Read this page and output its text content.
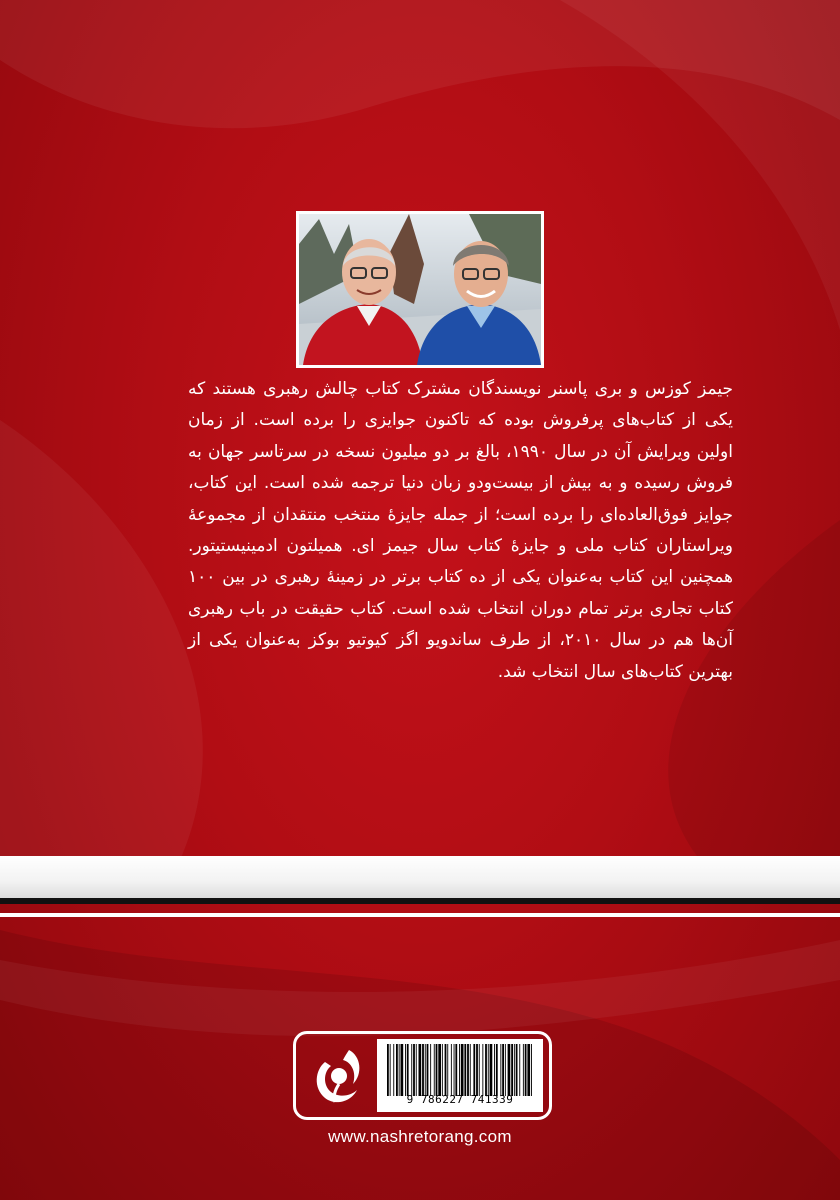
جیمز کوزس و بری پاسنر نویسندگان مشترک کتاب چالش رهبری هستند که یکی از کتاب‌های پرفروش بوده که تاکنون جوایزی را برده است. از زمان اولین ویرایش آن در سال ۱۹۹۰، بالغ بر دو میلیون نسخه در سرتاسر جهان به فروش رسیده و به بیش از بیست‌ودو زبان دنیا ترجمه شده است. این کتاب، جوایز فوق‌العاده‌ای را برده است؛ از جمله جایزهٔ منتخب منتقدان از مجموعهٔ ویراستاران کتاب ملی و جایزهٔ کتاب سال جیمز ای. همیلتون ادمینیستیتور. همچنین این کتاب به‌عنوان یکی از ده کتاب برتر در زمینهٔ رهبری در بین ۱۰۰ کتاب تجاری برتر تمام دوران انتخاب شده است. کتاب حقیقت در باب رهبری آن‌ها هم در سال ۲۰۱۰، از طرف ساندویو اگز کیوتیو بوکز به‌عنوان یکی از بهترین کتاب‌های سال انتخاب شد.

9 786227 741339
www.nashretorang.com
